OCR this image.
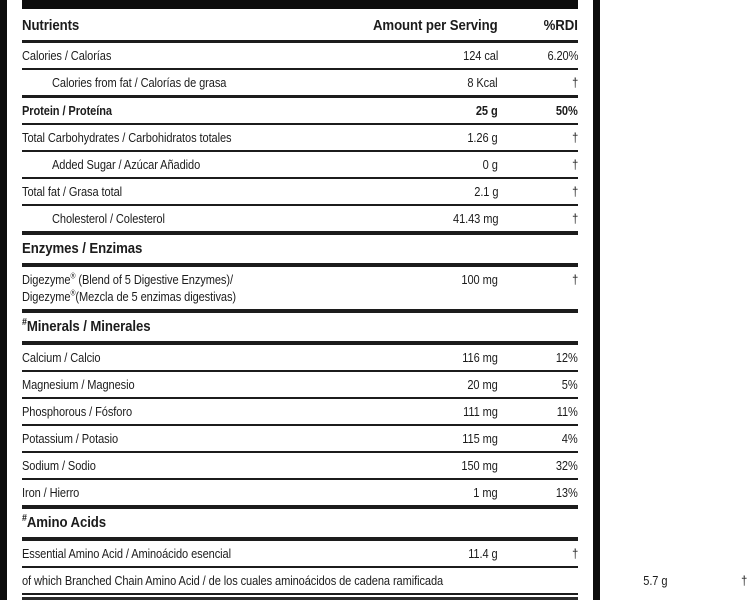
Nutrients	Amount per Serving	%RDI
Calories / Calorías	124 cal	6.20%
Calories from fat / Calorías de grasa	8 Kcal	†
Protein / Proteína	25 g	50%
Total Carbohydrates / Carbohidratos totales	1.26 g	†
Added Sugar / Azúcar Añadido	0 g	†
Total fat / Grasa total	2.1 g	†
Cholesterol / Colesterol	41.43 mg	†
Enzymes / Enzimas
Digezyme® (Blend of 5 Digestive Enzymes)/
Digezyme®(Mezcla de 5 enzimas digestivas)
100 mg	†
#Minerals / Minerales
Calcium / Calcio	116 mg	12%
Magnesium / Magnesio	20 mg	5%
Phosphorous / Fósforo	111 mg	11%
Potassium / Potasio	115 mg	4%
Sodium / Sodio	150 mg	32%
Iron / Hierro	1 mg	13%
#Amino Acids
Essential Amino Acid / Aminoácido esencial	11.4 g	†
of which Branched Chain Amino Acid / de los cuales aminoácidos de cadena ramificada	5.7 g	†
